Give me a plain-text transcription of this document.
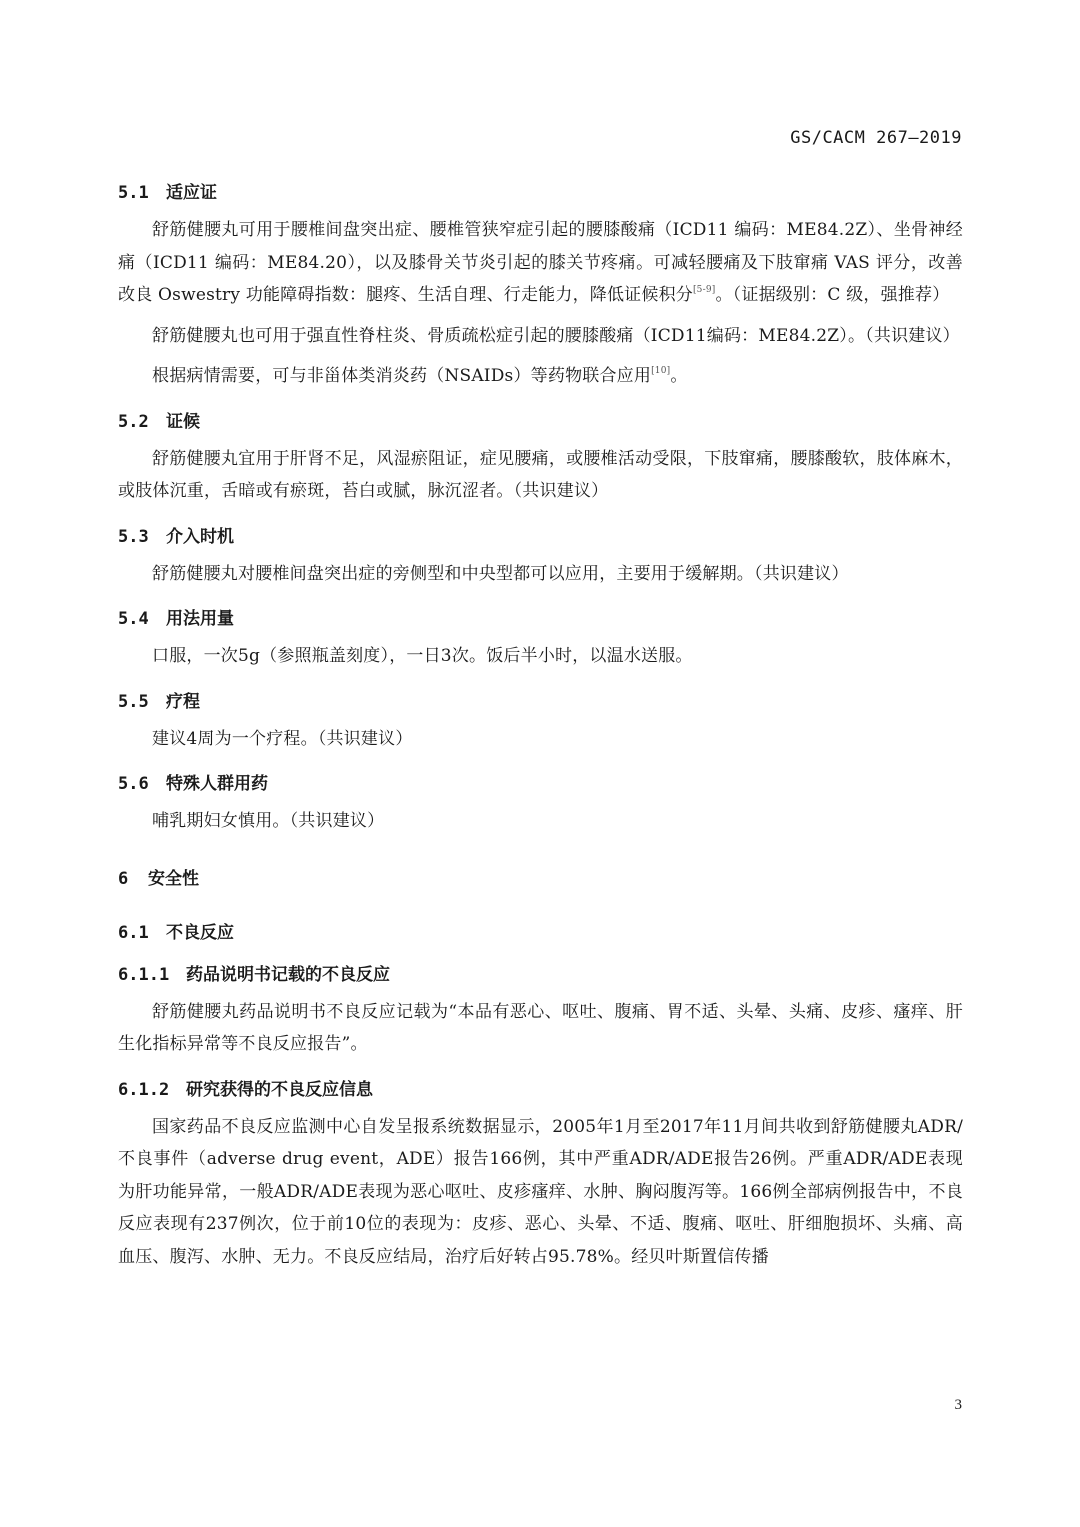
GS/CACM 267—2019
5.1 适应证

舒筋健腰丸可用于腰椎间盘突出症、腰椎管狭窄症引起的腰膝酸痛（ICD11 编码：ME84.2Z）、坐骨神经痛（ICD11 编码：ME84.20），以及膝骨关节炎引起的膝关节疼痛。可减轻腰痛及下肢窜痛 VAS 评分，改善改良 Oswestry 功能障碍指数：腿疼、生活自理、行走能力，降低证候积分[5-9]。（证据级别：C 级，强推荐）

舒筋健腰丸也可用于强直性脊柱炎、骨质疏松症引起的腰膝酸痛（ICD11编码：ME84.2Z）。（共识建议）

根据病情需要，可与非甾体类消炎药（NSAIDs）等药物联合应用[10]。

5.2 证候

舒筋健腰丸宜用于肝肾不足，风湿瘀阻证，症见腰痛，或腰椎活动受限，下肢窜痛，腰膝酸软，肢体麻木，或肢体沉重，舌暗或有瘀斑，苔白或腻，脉沉涩者。（共识建议）

5.3 介入时机

舒筋健腰丸对腰椎间盘突出症的旁侧型和中央型都可以应用，主要用于缓解期。（共识建议）

5.4 用法用量

口服，一次5g（参照瓶盖刻度），一日3次。饭后半小时，以温水送服。

5.5 疗程

建议4周为一个疗程。（共识建议）

5.6 特殊人群用药

哺乳期妇女慎用。（共识建议）

6 安全性
6.1 不良反应
6.1.1 药品说明书记载的不良反应

舒筋健腰丸药品说明书不良反应记载为“本品有恶心、呕吐、腹痛、胃不适、头晕、头痛、皮疹、瘙痒、肝生化指标异常等不良反应报告”。

6.1.2 研究获得的不良反应信息

国家药品不良反应监测中心自发呈报系统数据显示，2005年1月至2017年11月间共收到舒筋健腰丸ADR/不良事件（adverse drug event，ADE）报告166例，其中严重ADR/ADE报告26例。严重ADR/ADE表现为肝功能异常，一般ADR/ADE表现为恶心呕吐、皮疹瘙痒、水肿、胸闷腹泻等。166例全部病例报告中，不良反应表现有237例次，位于前10位的表现为：皮疹、恶心、头晕、不适、腹痛、呕吐、肝细胞损坏、头痛、高血压、腹泻、水肿、无力。不良反应结局，治疗后好转占95.78%。经贝叶斯置信传播

3
